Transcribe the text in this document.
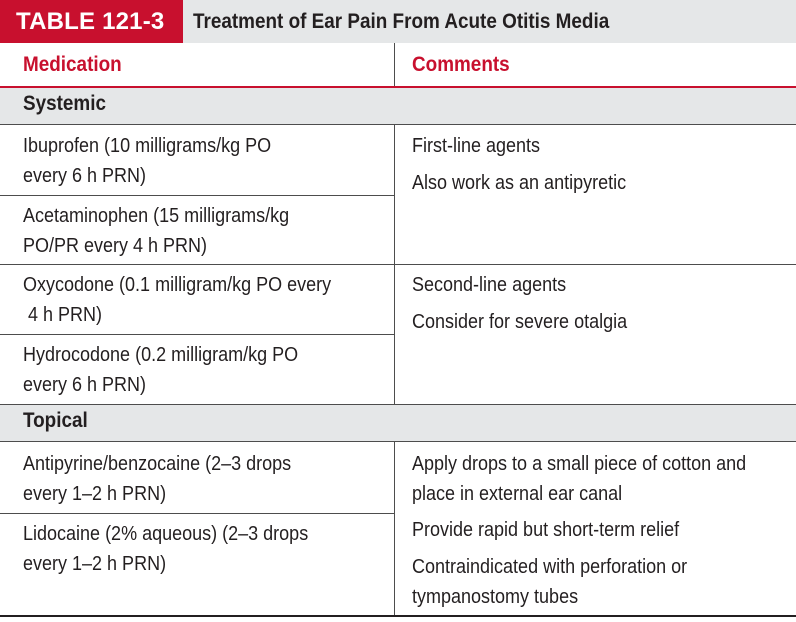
TABLE 121-3	Treatment of Ear Pain From Acute Otitis Media
Medication	Comments
Systemic
Ibuprofen (10 milligrams/kg PO
every 6 h PRN)
Acetaminophen (15 milligrams/kg
PO/PR every 4 h PRN)
First-line agents
Also work as an antipyretic
Oxycodone (0.1 milligram/kg PO every
4 h PRN)
Hydrocodone (0.2 milligram/kg PO
every 6 h PRN)
Second-line agents
Consider for severe otalgia
Topical
Antipyrine/benzocaine (2–3 drops
every 1–2 h PRN)
Lidocaine (2% aqueous) (2–3 drops
every 1–2 h PRN)
Apply drops to a small piece of cotton and
place in external ear canal
Provide rapid but short-term relief
Contraindicated with perforation or
tympanostomy tubes
